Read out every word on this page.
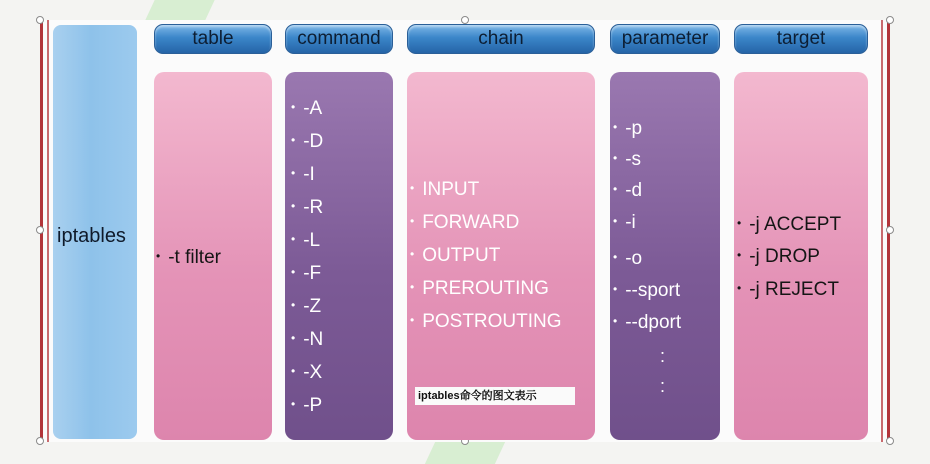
iptables
table	command	chain	parameter	target
• -t filter
• -A
• -D
• -I
• -R
• -L
• -F
• -Z
• -N
• -X
• -P
• INPUT
• FORWARD
• OUTPUT
• PREROUTING
• POSTROUTING
iptables命令的图文表示
• -p
• -s
• -d
• -i
• -o
• --sport
• --dport
:
:
• -j ACCEPT
• -j DROP
• -j REJECT
